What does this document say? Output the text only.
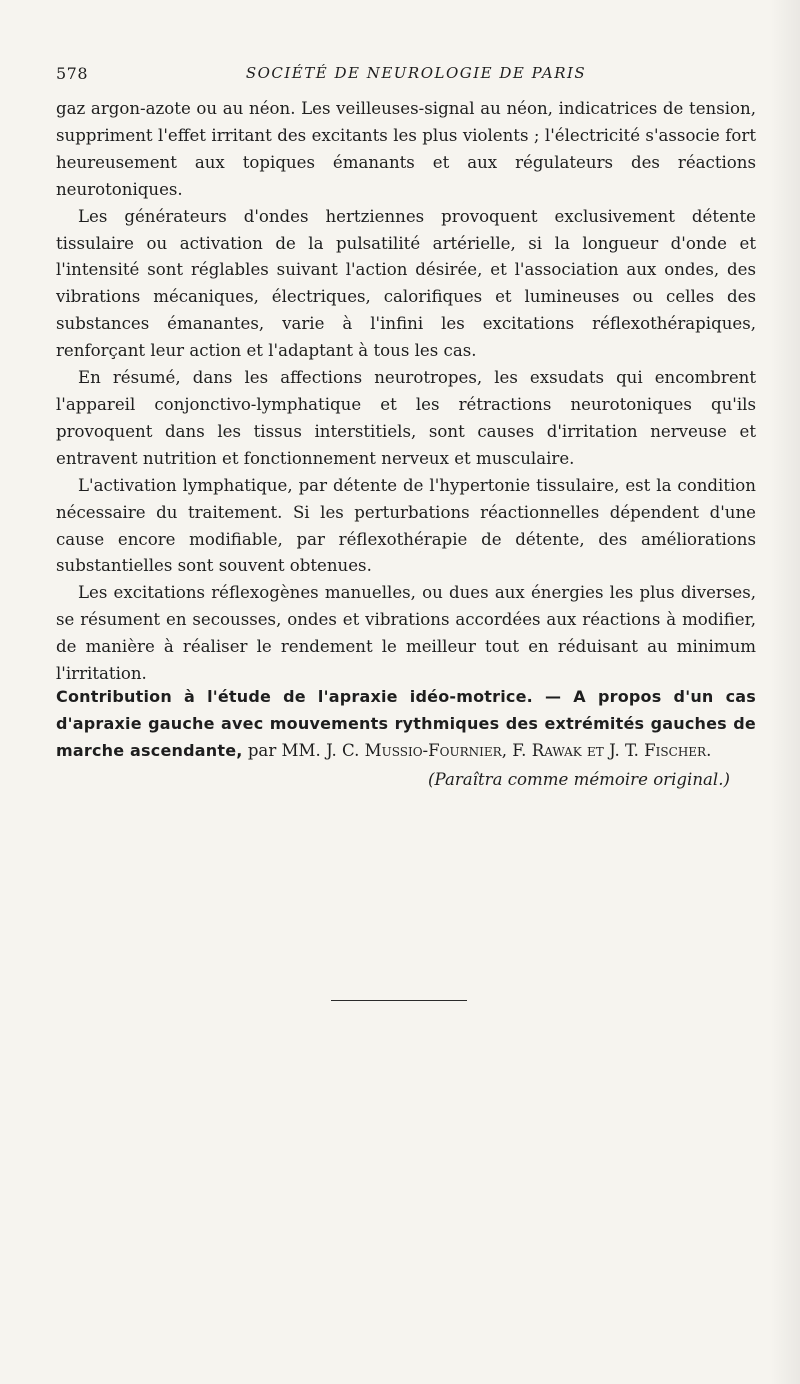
578	SOCIÉTÉ DE NEUROLOGIE DE PARIS

gaz argon-azote ou au néon. Les veilleuses-signal au néon, indicatrices de tension, suppriment l'effet irritant des excitants les plus violents ; l'électricité s'associe fort heureusement aux topiques émanants et aux régulateurs des réactions neurotoniques.

Les générateurs d'ondes hertziennes provoquent exclusivement détente tissulaire ou activation de la pulsatilité artérielle, si la longueur d'onde et l'intensité sont réglables suivant l'action désirée, et l'association aux ondes, des vibrations mécaniques, électriques, calorifiques et lumineuses ou celles des substances émanantes, varie à l'infini les excitations réflexothérapiques, renforçant leur action et l'adaptant à tous les cas.

En résumé, dans les affections neurotropes, les exsudats qui encombrent l'appareil conjonctivo-lymphatique et les rétractions neurotoniques qu'ils provoquent dans les tissus interstitiels, sont causes d'irritation nerveuse et entravent nutrition et fonctionnement nerveux et musculaire.

L'activation lymphatique, par détente de l'hypertonie tissulaire, est la condition nécessaire du traitement. Si les perturbations réactionnelles dépendent d'une cause encore modifiable, par réflexothérapie de détente, des améliorations substantielles sont souvent obtenues.

Les excitations réflexogènes manuelles, ou dues aux énergies les plus diverses, se résument en secousses, ondes et vibrations accordées aux réactions à modifier, de manière à réaliser le rendement le meilleur tout en réduisant au minimum l'irritation.

Contribution à l'étude de l'apraxie idéo-motrice. — A propos d'un cas d'apraxie gauche avec mouvements rythmiques des extrémités gauches de marche ascendante, par MM. J. C. Mussio-Fournier, F. Rawak et J. T. Fischer.
(Paraîtra comme mémoire original.)
